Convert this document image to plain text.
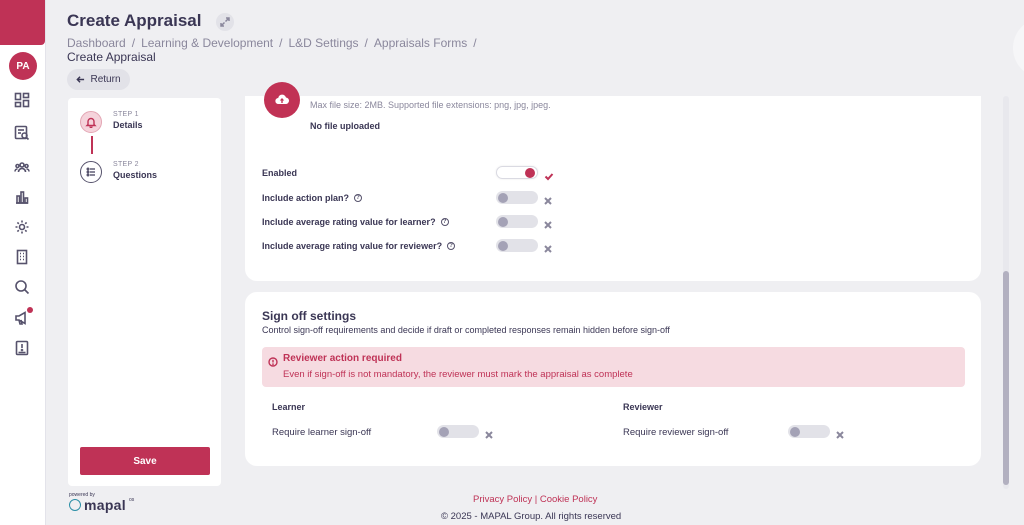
PA
Create Appraisal
Dashboard / Learning & Development / L&D Settings / Appraisals Forms /
Create Appraisal
Return
STEP 1
Details
STEP 2
Questions
Save
Max file size: 2MB. Supported file extensions: png, jpg, jpeg.
No file uploaded
Enabled
Include action plan?	?
Include average rating value for learner?	?
Include average rating value for reviewer?	?
Sign off settings
Control sign-off requirements and decide if draft or completed responses remain hidden before sign-off
Reviewer action required
Even if sign-off is not mandatory, the reviewer must mark the appraisal as complete
Learner
Require learner sign-off
Reviewer
Require reviewer sign-off
powered by
mapal os	Privacy Policy | Cookie Policy
© 2025 - MAPAL Group. All rights reserved
